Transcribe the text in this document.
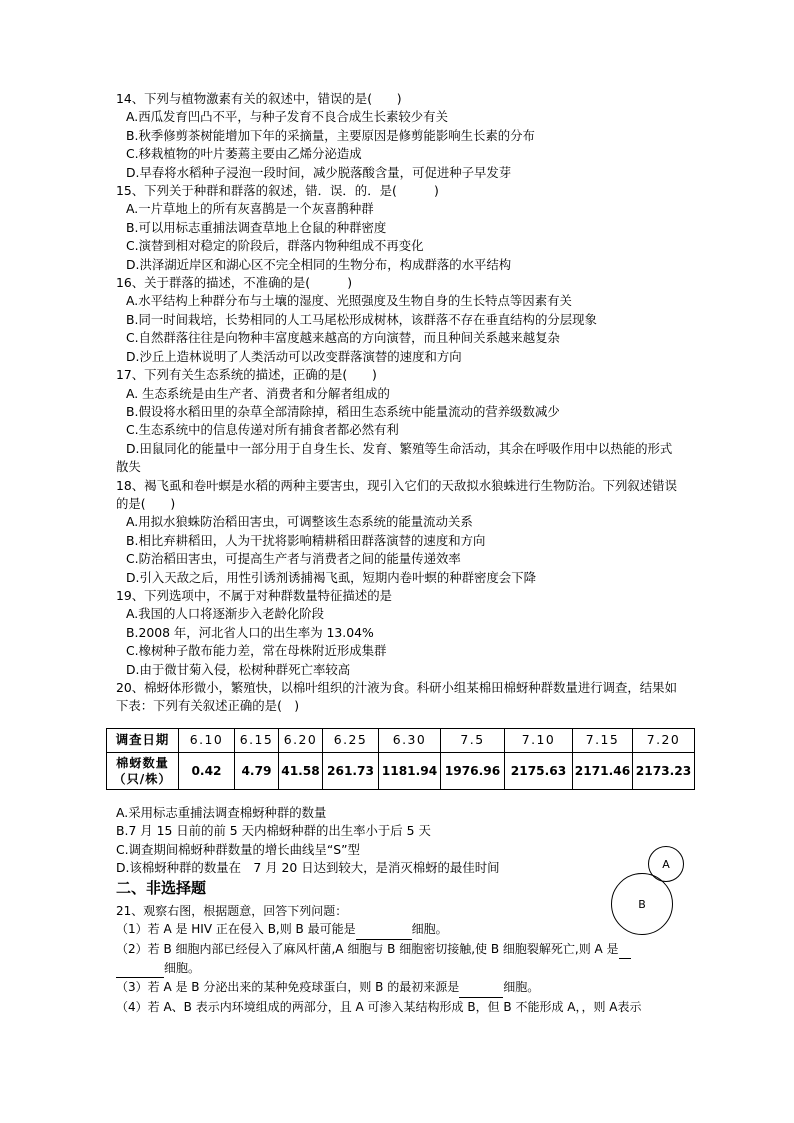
14、下列与植物激素有关的叙述中，错误的是(　　)

A.西瓜发育凹凸不平，与种子发育不良合成生长素较少有关

B.秋季修剪茶树能增加下年的采摘量，主要原因是修剪能影响生长素的分布

C.移栽植物的叶片萎蔫主要由乙烯分泌造成

D.早春将水稻种子浸泡一段时间，减少脱落酸含量，可促进种子早发芽

15、下列关于种群和群落的叙述，错．误．的．是(　　　)

A.一片草地上的所有灰喜鹊是一个灰喜鹊种群

B.可以用标志重捕法调查草地上仓鼠的种群密度

C.演替到相对稳定的阶段后，群落内物种组成不再变化

D.洪泽湖近岸区和湖心区不完全相同的生物分布，构成群落的水平结构

16、关于群落的描述，不准确的是(　　　)

A.水平结构上种群分布与土壤的湿度、光照强度及生物自身的生长特点等因素有关

B.同一时间栽培，长势相同的人工马尾松形成树林，该群落不存在垂直结构的分层现象

C.自然群落往往是向物种丰富度越来越高的方向演替，而且种间关系越来越复杂

D.沙丘上造林说明了人类活动可以改变群落演替的速度和方向

17、下列有关生态系统的描述，正确的是(　　)

A. 生态系统是由生产者、消费者和分解者组成的

B.假设将水稻田里的杂草全部清除掉，稻田生态系统中能量流动的营养级数减少

C.生态系统中的信息传递对所有捕食者都必然有利

D.田鼠同化的能量中一部分用于自身生长、发育、繁殖等生命活动，其余在呼吸作用中以热能的形式

散失

18、褐飞虱和卷叶螟是水稻的两种主要害虫，现引入它们的天敌拟水狼蛛进行生物防治。下列叙述错误

的是(　　)

A.用拟水狼蛛防治稻田害虫，可调整该生态系统的能量流动关系

B.相比弃耕稻田，人为干扰将影响精耕稻田群落演替的速度和方向

C.防治稻田害虫，可提高生产者与消费者之间的能量传递效率

D.引入天敌之后，用性引诱剂诱捕褐飞虱，短期内卷叶螟的种群密度会下降

19、下列选项中，不属于对种群数量特征描述的是

A.我国的人口将逐渐步入老龄化阶段

B.2008 年，河北省人口的出生率为 13.04%

C.橡树种子散布能力差，常在母株附近形成集群

D.由于微甘菊入侵，松树种群死亡率较高

20、棉蚜体形微小，繁殖快，以棉叶组织的汁液为食。科研小组某棉田棉蚜种群数量进行调查，结果如

下表：下列有关叙述正确的是(　)

调查日期	6.10	6.15	6.20	6.25	6.30	7.5	7.10	7.15	7.20
棉蚜数量（只/株）	0.42	4.79	41.58	261.73	1181.94	1976.96	2175.63	2171.46	2173.23

A.采用标志重捕法调查棉蚜种群的数量

B.7 月 15 日前的前 5 天内棉蚜种群的出生率小于后 5 天

C.调查期间棉蚜种群数量的增长曲线呈“S”型

D.该棉蚜种群的数量在　7 月 20 日达到较大，是消灭棉蚜的最佳时间

二、非选择题

21、观察右图，根据题意，回答下列问题：

（1）若 A 是 HIV 正在侵入 B,则 B 最可能是	细胞。

（2）若 B 细胞内部已经侵入了麻风杆菌,A 细胞与 B 细胞密切接触,使 B 细胞裂解死亡,则 A 是
细胞。

（3）若 A 是 B 分泌出来的某种免疫球蛋白，则 B 的最初来源是	细胞。

（4）若 A、B 表示内环境组成的两部分，且 A 可渗入某结构形成 B，但 B 不能形成 A，，则 A表示

B
A
